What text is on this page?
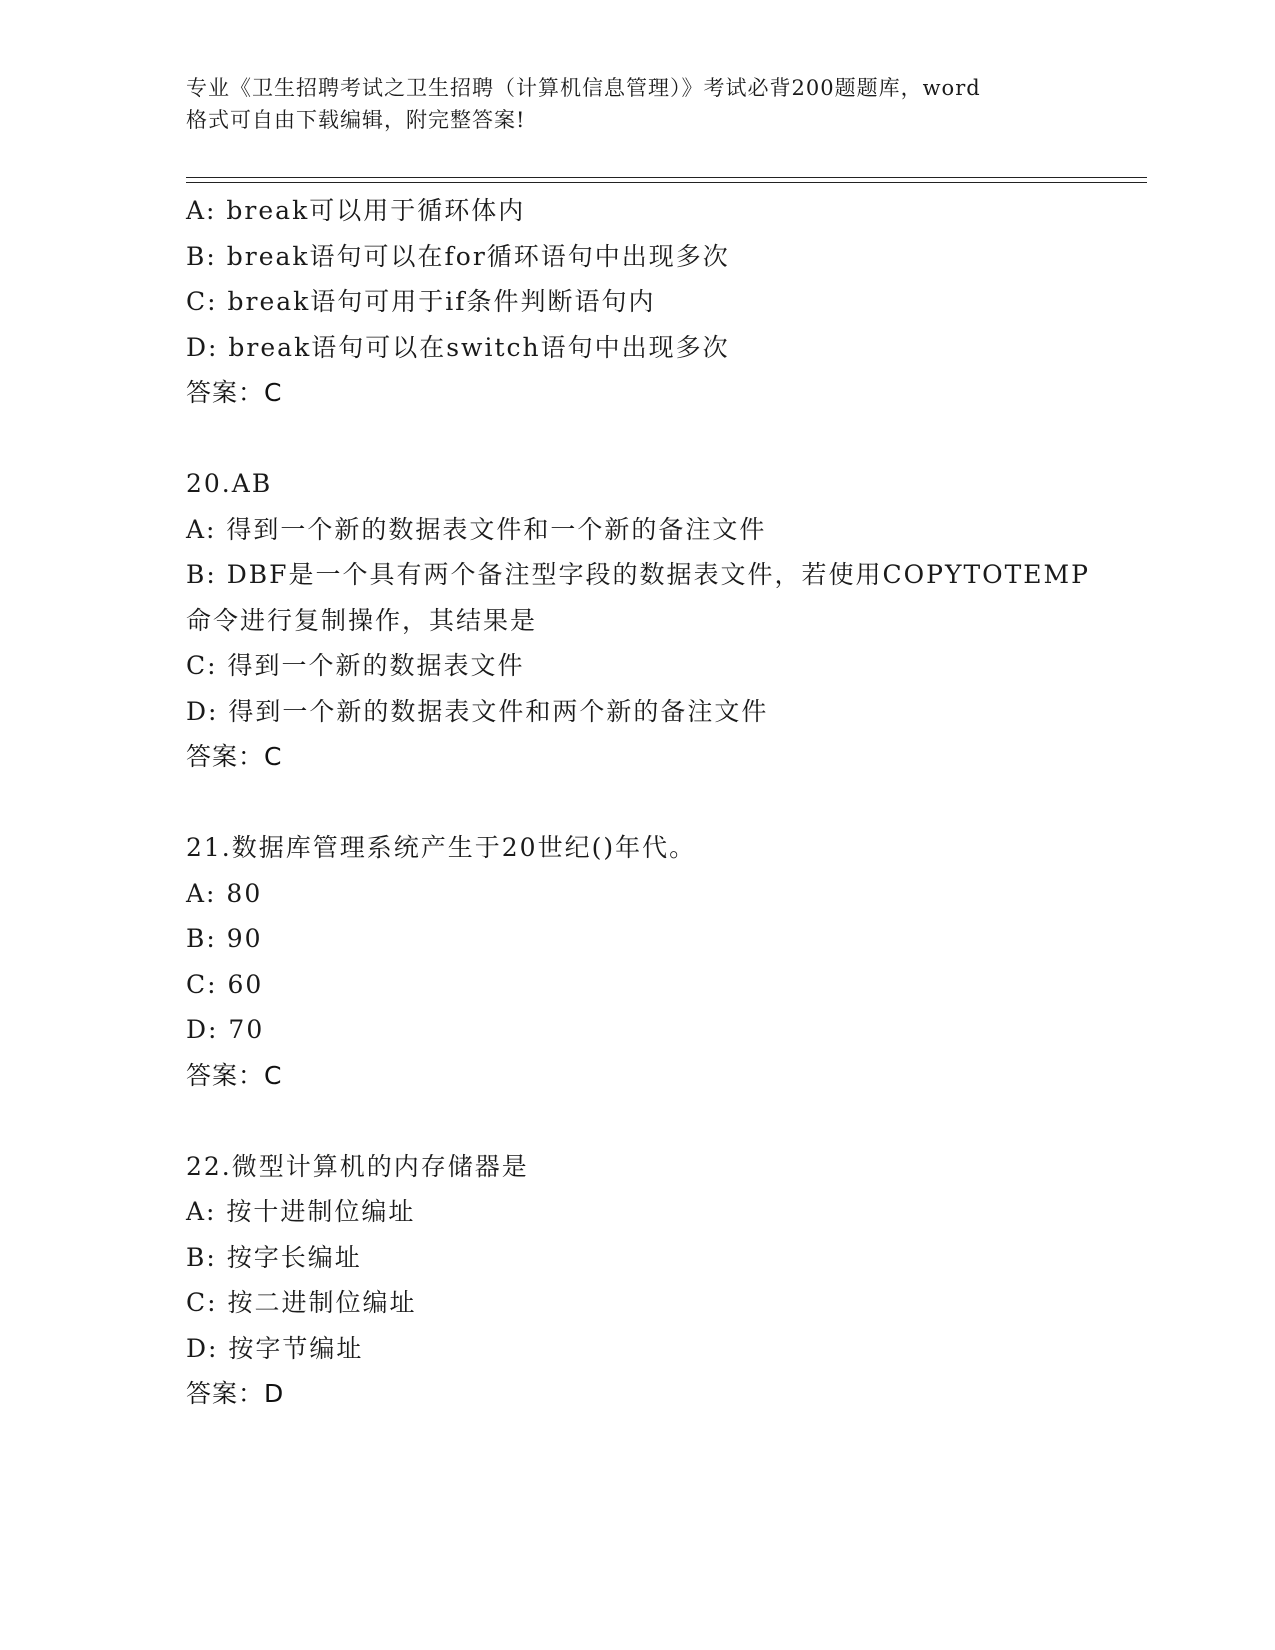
专业《卫生招聘考试之卫生招聘（计算机信息管理）》考试必背200题题库，word
格式可自由下载编辑，附完整答案!
A: break可以用于循环体内
B: break语句可以在for循环语句中出现多次
C: break语句可用于if条件判断语句内
D: break语句可以在switch语句中出现多次
答案：C
20.AB
A: 得到一个新的数据表文件和一个新的备注文件
B: DBF是一个具有两个备注型字段的数据表文件，若使用COPYTOTEMP
命令进行复制操作，其结果是
C: 得到一个新的数据表文件
D: 得到一个新的数据表文件和两个新的备注文件
答案：C
21.数据库管理系统产生于20世纪()年代。
A: 80
B: 90
C: 60
D: 70
答案：C
22.微型计算机的内存储器是
A: 按十进制位编址
B: 按字长编址
C: 按二进制位编址
D: 按字节编址
答案：D
